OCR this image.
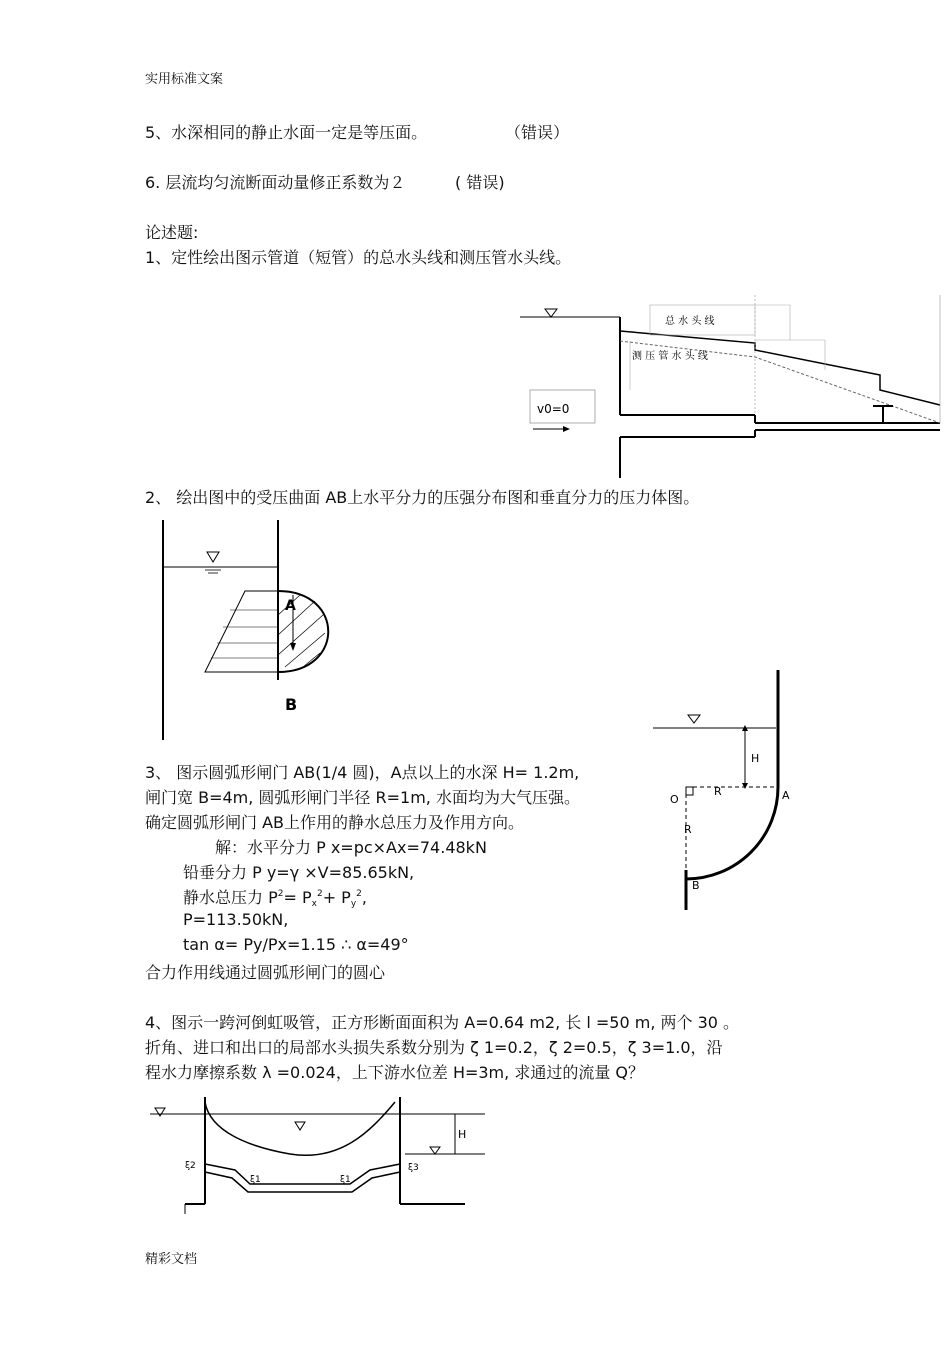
实用标准文案
精彩文档
5、水深相同的静止水面一定是等压面。	（错误）
6. 层流均匀流断面动量修正系数为２	( 错误)
论述题:
1、定性绘出图示管道（短管）的总水头线和测压管水头线。
v0=0
总 水 头 线
测 压 管 水 头 线
2、 绘出图中的受压曲面 AB上水平分力的压强分布图和垂直分力的压力体图。
A
B
H
O
R
R
A
B
3、 图示圆弧形闸门 AB(1/4 圆)，A点以上的水深 H= 1.2m,
闸门宽 B=4m, 圆弧形闸门半径 R=1m, 水面均为大气压强。
确定圆弧形闸门 AB上作用的静水总压力及作用方向。
解：水平分力 P x=pc×Ax=74.48kN
铅垂分力 P y=γ ×V=85.65kN,
静水总压力 $P^2= P_x^2+ P_y^2$,
P=113.50kN,
tan α= Py/Px=1.15 ∴ α=49°
合力作用线通过圆弧形闸门的圆心
4、图示一跨河倒虹吸管，正方形断面面积为 A=0.64 m2, 长 l =50 m, 两个 30 。
折角、进口和出口的局部水头损失系数分别为 ζ 1=0.2，ζ 2=0.5，ζ 3=1.0，沿
程水力摩擦系数 λ =0.024，上下游水位差 H=3m, 求通过的流量 Q？
H
ξ2
ξ1	ξ1
ξ3
